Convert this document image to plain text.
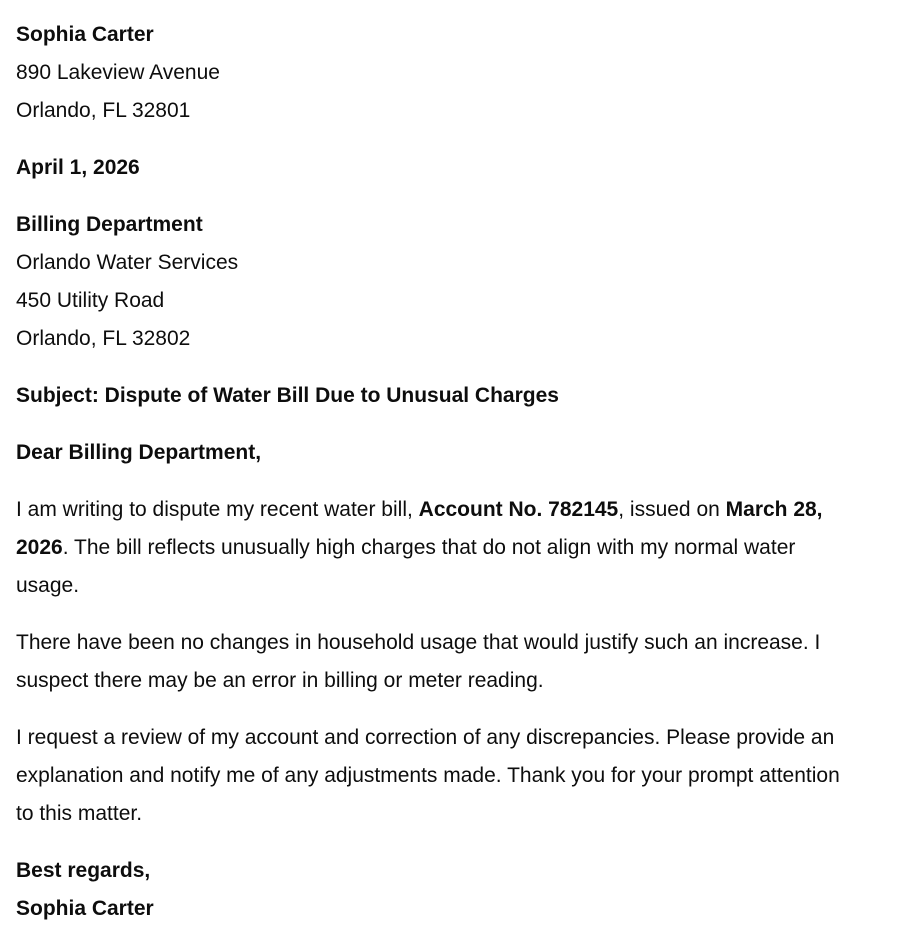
Sophia Carter
890 Lakeview Avenue
Orlando, FL 32801
April 1, 2026
Billing Department
Orlando Water Services
450 Utility Road
Orlando, FL 32802
Subject: Dispute of Water Bill Due to Unusual Charges
Dear Billing Department,

I am writing to dispute my recent water bill, Account No. 782145, issued on March 28, 2026. The bill reflects unusually high charges that do not align with my normal water usage.

There have been no changes in household usage that would justify such an increase. I suspect there may be an error in billing or meter reading.

I request a review of my account and correction of any discrepancies. Please provide an explanation and notify me of any adjustments made. Thank you for your prompt attention to this matter.

Best regards,
Sophia Carter
